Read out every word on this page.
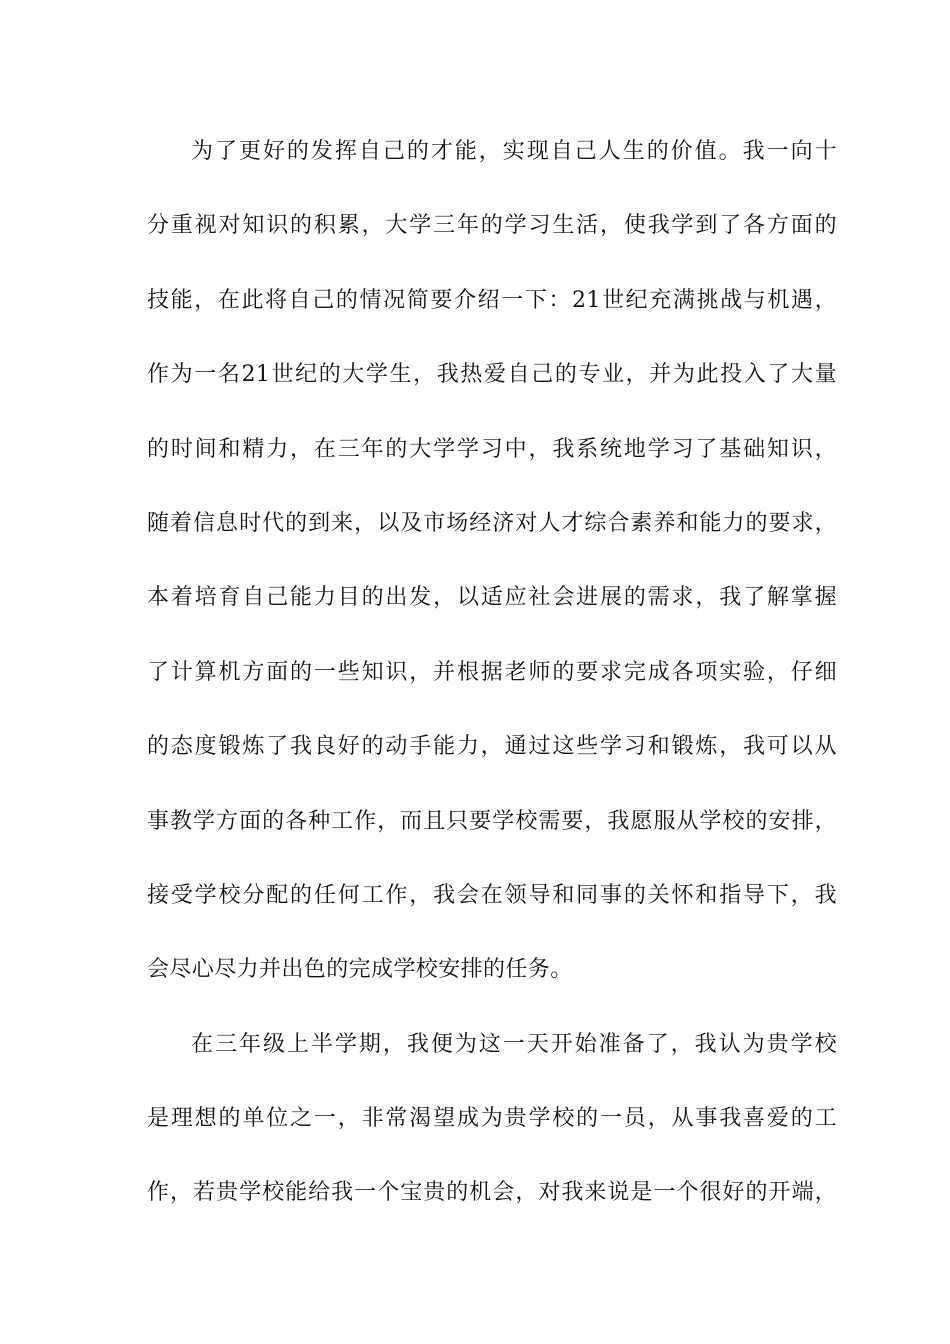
为了更好的发挥自己的才能，实现自己人生的价值。我一向十
分重视对知识的积累，大学三年的学习生活，使我学到了各方面的
技能，在此将自己的情况简要介绍一下：21世纪充满挑战与机遇，
作为一名21世纪的大学生，我热爱自己的专业，并为此投入了大量
的时间和精力，在三年的大学学习中，我系统地学习了基础知识，
随着信息时代的到来，以及市场经济对人才综合素养和能力的要求，
本着培育自己能力目的出发，以适应社会进展的需求，我了解掌握
了计算机方面的一些知识，并根据老师的要求完成各项实验，仔细
的态度锻炼了我良好的动手能力，通过这些学习和锻炼，我可以从
事教学方面的各种工作，而且只要学校需要，我愿服从学校的安排，
接受学校分配的任何工作，我会在领导和同事的关怀和指导下，我
会尽心尽力并出色的完成学校安排的任务。
在三年级上半学期，我便为这一天开始准备了，我认为贵学校
是理想的单位之一，非常渴望成为贵学校的一员，从事我喜爱的工
作，若贵学校能给我一个宝贵的机会，对我来说是一个很好的开端，
